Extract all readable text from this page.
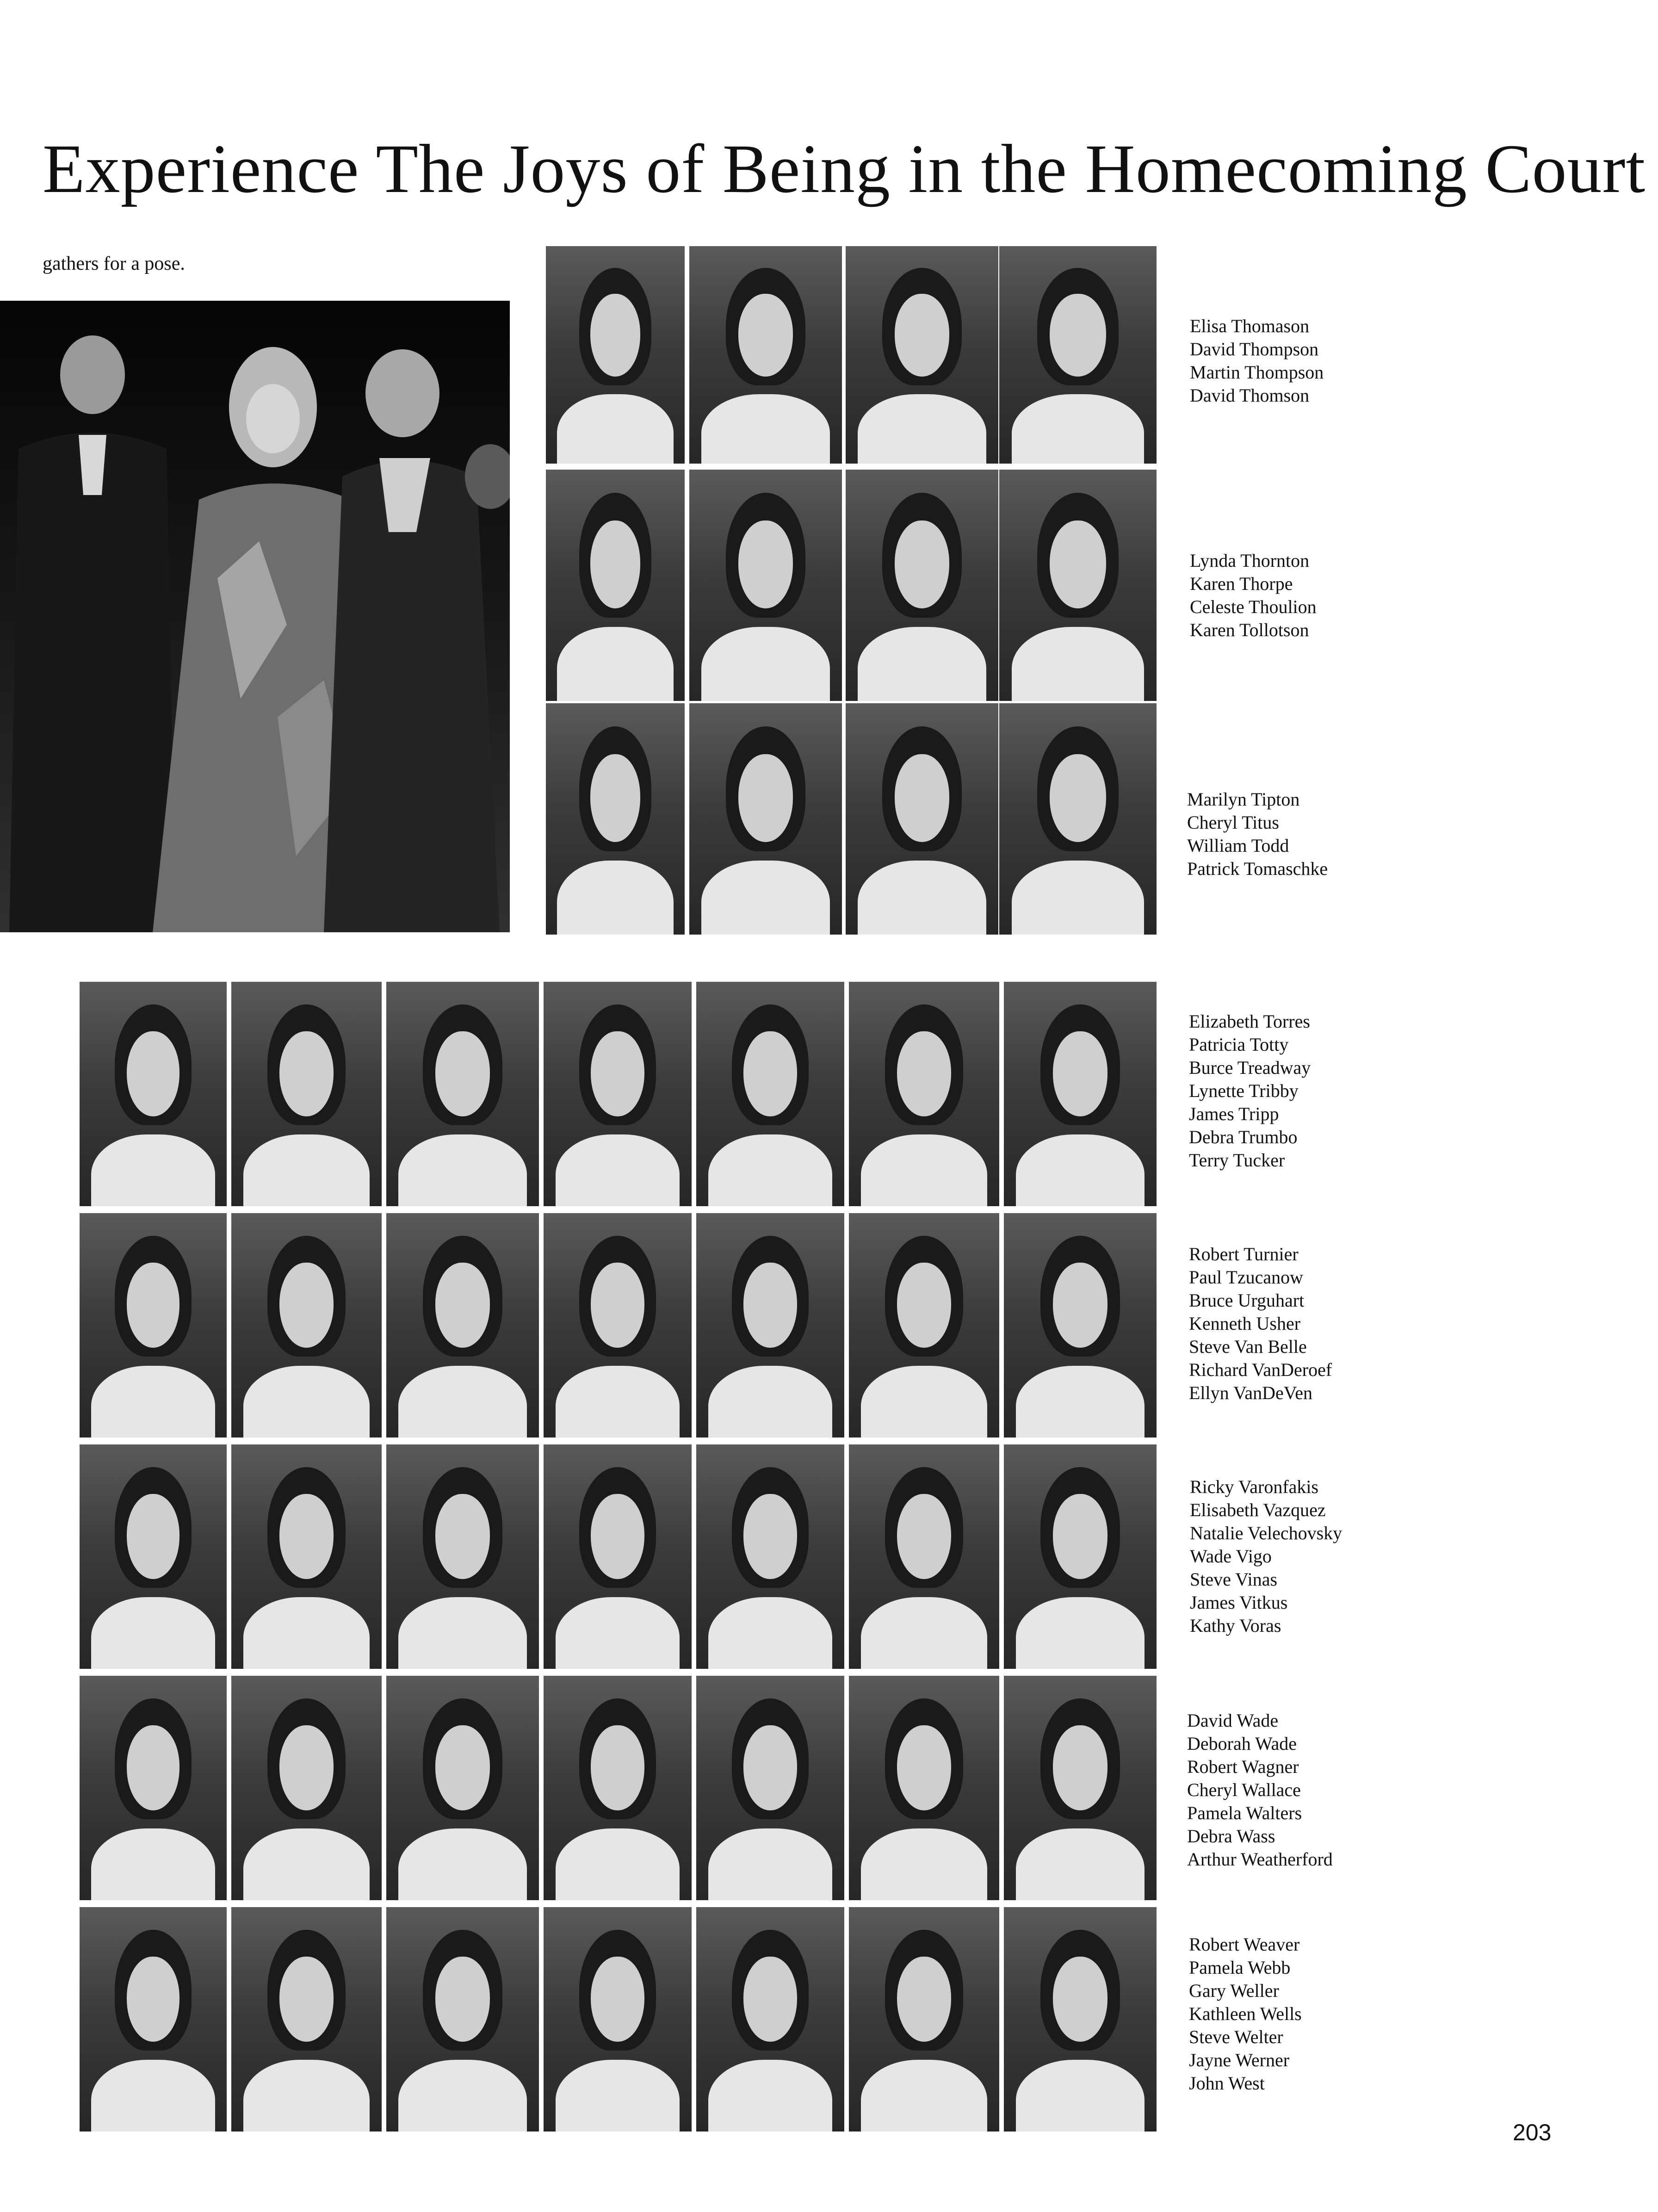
Experience The Joys of Being in the Homecoming Court
gathers for a pose.
Elisa Thomason
David Thompson
Martin Thompson
David Thomson
Lynda Thornton
Karen Thorpe
Celeste Thoulion
Karen Tollotson
Marilyn Tipton
Cheryl Titus
William Todd
Patrick Tomaschke
Elizabeth Torres
Patricia Totty
Burce Treadway
Lynette Tribby
James Tripp
Debra Trumbo
Terry Tucker
Robert Turnier
Paul Tzucanow
Bruce Urguhart
Kenneth Usher
Steve Van Belle
Richard VanDeroef
Ellyn VanDeVen
Ricky Varonfakis
Elisabeth Vazquez
Natalie Velechovsky
Wade Vigo
Steve Vinas
James Vitkus
Kathy Voras
David Wade
Deborah Wade
Robert Wagner
Cheryl Wallace
Pamela Walters
Debra Wass
Arthur Weatherford
Robert Weaver
Pamela Webb
Gary Weller
Kathleen Wells
Steve Welter
Jayne Werner
John West
203
